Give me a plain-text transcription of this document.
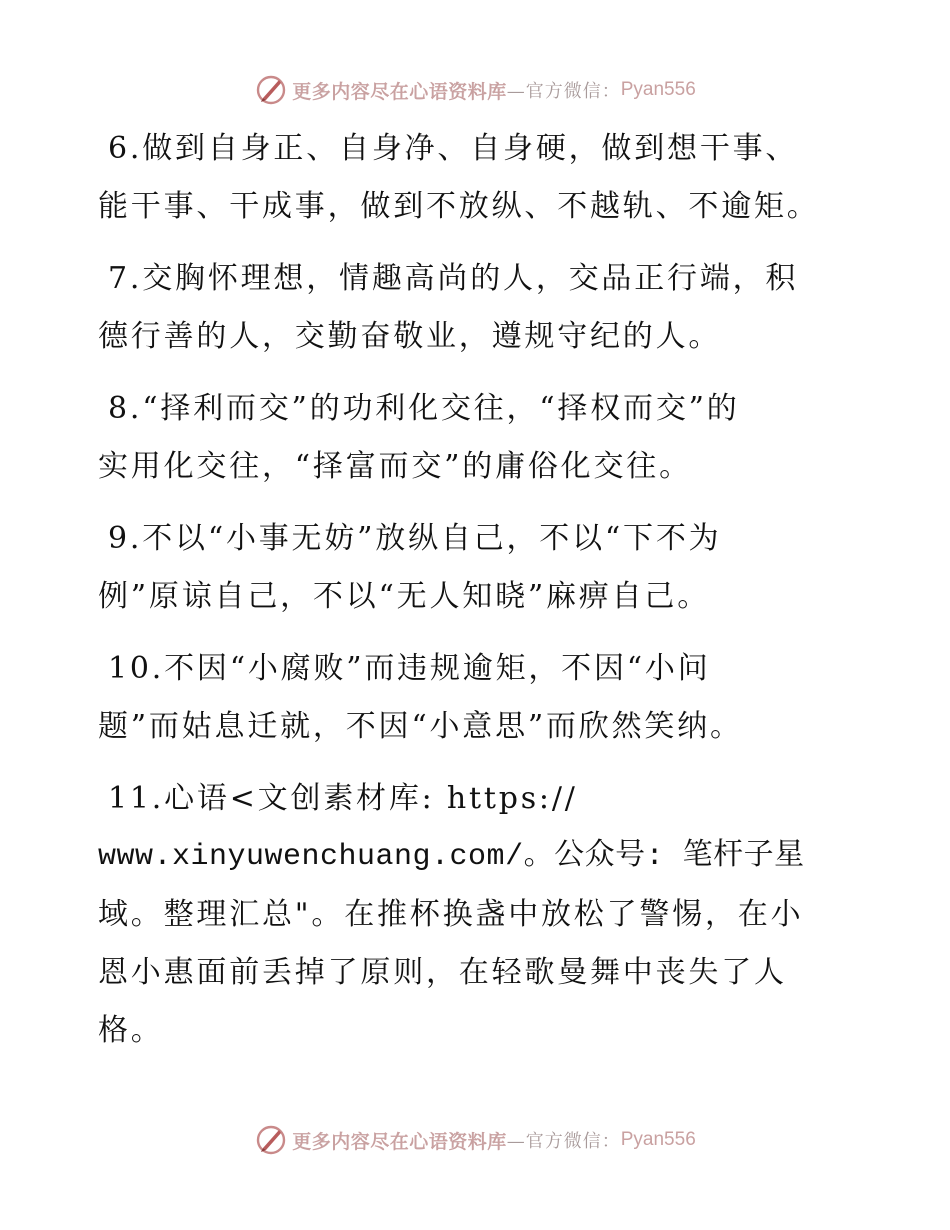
更多内容尽在心语资料库 —官方微信： Pyan556
6.做到自身正、自身净、自身硬，做到想干事、
能干事、干成事，做到不放纵、不越轨、不逾矩。
7.交胸怀理想，情趣高尚的人，交品正行端，积
德行善的人，交勤奋敬业，遵规守纪的人。
8.“择利而交”的功利化交往，“择权而交”的
实用化交往，“择富而交”的庸俗化交往。
9.不以“小事无妨”放纵自己，不以“下不为
例”原谅自己，不以“无人知晓”麻痹自己。
10.不因“小腐败”而违规逾矩，不因“小问
题”而姑息迁就，不因“小意思”而欣然笑纳。
11.心语<文创素材库: https://
www.xinyuwenchuang.com/。公众号: 笔杆子星
域。整理汇总"。在推杯换盏中放松了警惕，在小
恩小惠面前丢掉了原则，在轻歌曼舞中丧失了人
格。
更多内容尽在心语资料库 —官方微信： Pyan556
